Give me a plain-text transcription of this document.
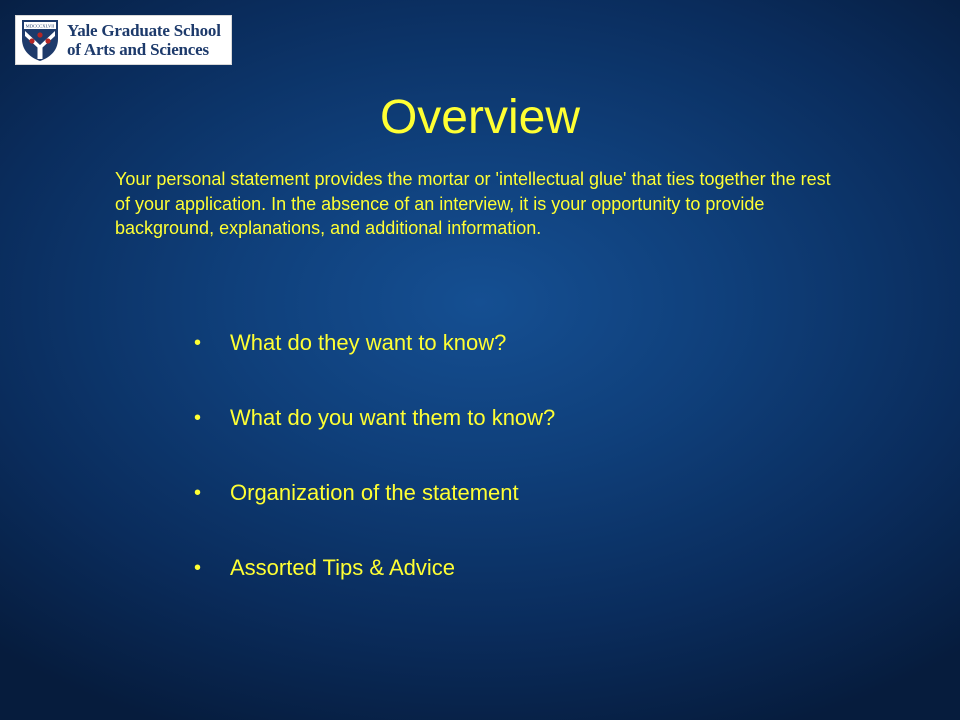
MDCCCXLVII Yale Graduate School
of Arts and Sciences
Overview
Your personal statement provides the mortar or 'intellectual glue' that ties together the rest of your application. In the absence of an interview, it is your opportunity to provide background, explanations, and additional information.
• What do they want to know?
• What do you want them to know?
• Organization of the statement
• Assorted Tips & Advice
